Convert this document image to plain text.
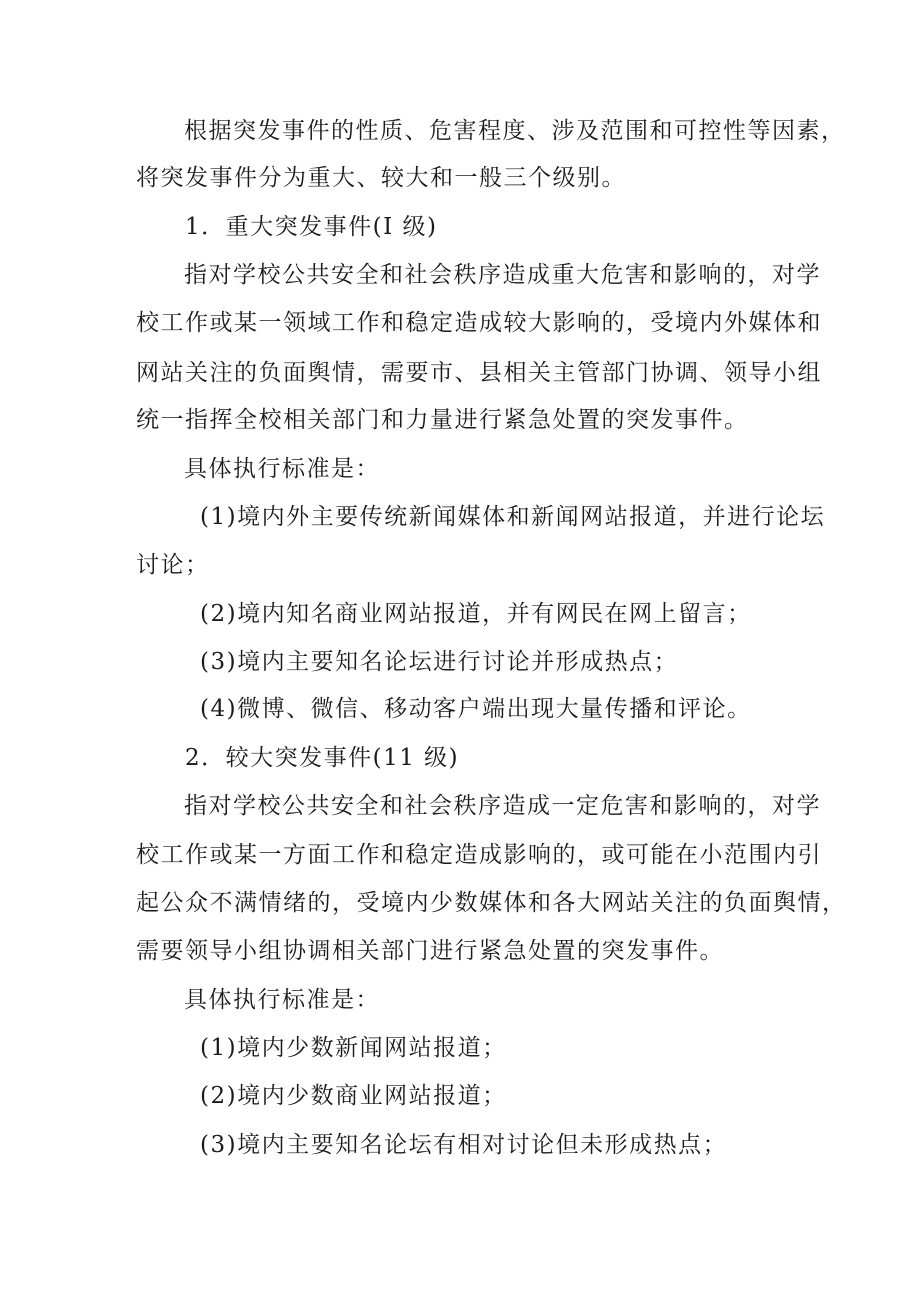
根据突发事件的性质、危害程度、涉及范围和可控性等因素，
将突发事件分为重大、较大和一般三个级别。
1．重大突发事件(I 级)
指对学校公共安全和社会秩序造成重大危害和影响的，对学
校工作或某一领域工作和稳定造成较大影响的，受境内外媒体和
网站关注的负面舆情，需要市、县相关主管部门协调、领导小组
统一指挥全校相关部门和力量进行紧急处置的突发事件。
具体执行标准是：
(1)境内外主要传统新闻媒体和新闻网站报道，并进行论坛
讨论；
(2)境内知名商业网站报道，并有网民在网上留言；
(3)境内主要知名论坛进行讨论并形成热点；
(4)微博、微信、移动客户端出现大量传播和评论。
2．较大突发事件(11 级)
指对学校公共安全和社会秩序造成一定危害和影响的，对学
校工作或某一方面工作和稳定造成影响的，或可能在小范围内引
起公众不满情绪的，受境内少数媒体和各大网站关注的负面舆情，
需要领导小组协调相关部门进行紧急处置的突发事件。
具体执行标准是：
(1)境内少数新闻网站报道；
(2)境内少数商业网站报道；
(3)境内主要知名论坛有相对讨论但未形成热点；
